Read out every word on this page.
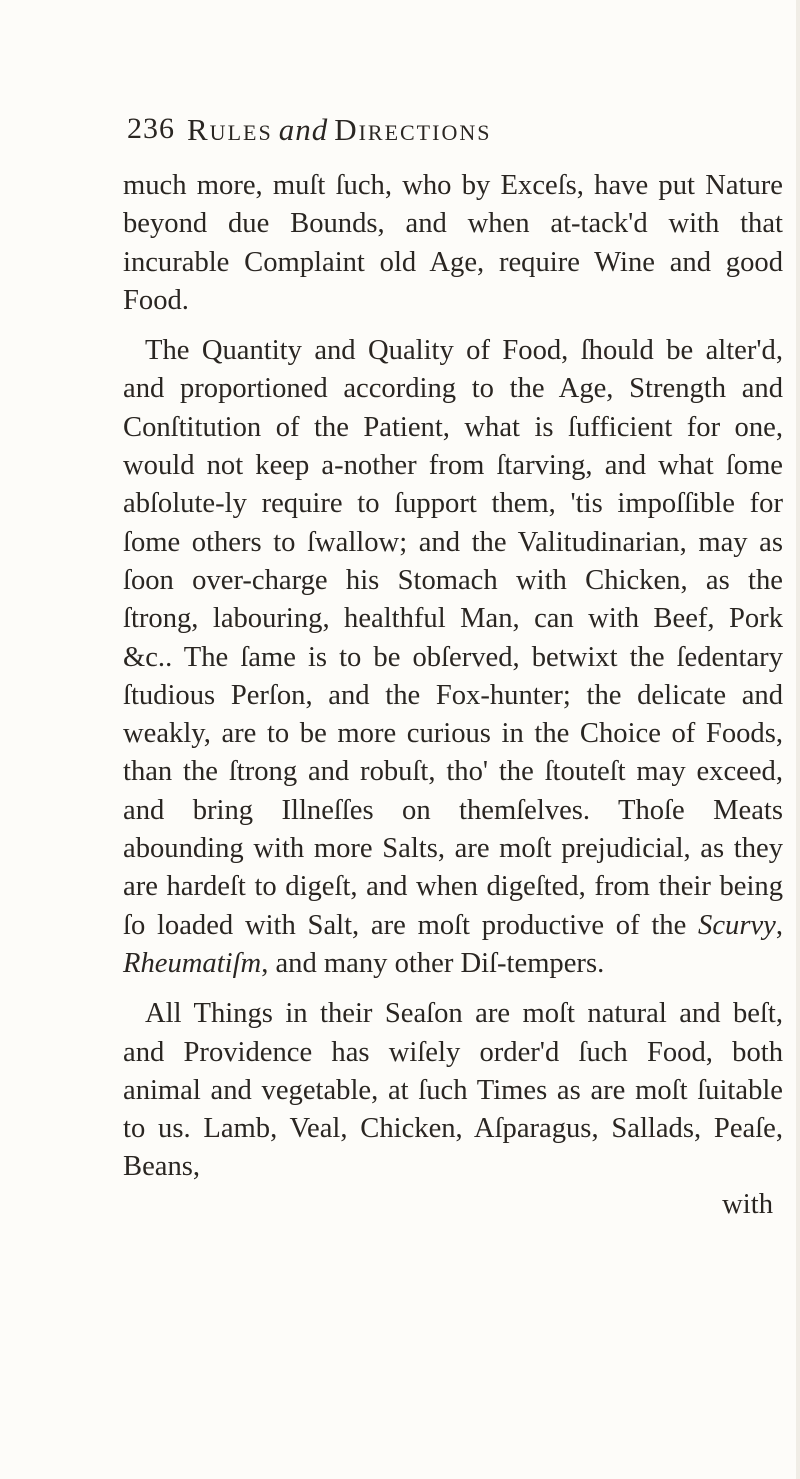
236 Rules and Directions

much more, muſt ſuch, who by Exceſs, have put Nature beyond due Bounds, and when at-tack'd with that incurable Complaint old Age, require Wine and good Food.

The Quantity and Quality of Food, ſhould be alter'd, and proportioned according to the Age, Strength and Conſtitution of the Patient, what is ſufficient for one, would not keep a-nother from ſtarving, and what ſome abſolute-ly require to ſupport them, 'tis impoſſible for ſome others to ſwallow; and the Valitudinarian, may as ſoon over-charge his Stomach with Chicken, as the ſtrong, labouring, healthful Man, can with Beef, Pork &c.. The ſame is to be obſerved, betwixt the ſedentary ſtudious Perſon, and the Fox-hunter; the delicate and weakly, are to be more curious in the Choice of Foods, than the ſtrong and robuſt, tho' the ſtouteſt may exceed, and bring Illneſſes on themſelves. Thoſe Meats abounding with more Salts, are moſt prejudicial, as they are hardeſt to digeſt, and when digeſted, from their being ſo loaded with Salt, are moſt productive of the Scurvy, Rheumatiſm, and many other Diſ-tempers.

All Things in their Seaſon are moſt natural and beſt, and Providence has wiſely order'd ſuch Food, both animal and vegetable, at ſuch Times as are moſt ſuitable to us. Lamb, Veal, Chicken, Aſparagus, Sallads, Peaſe, Beans,

with
